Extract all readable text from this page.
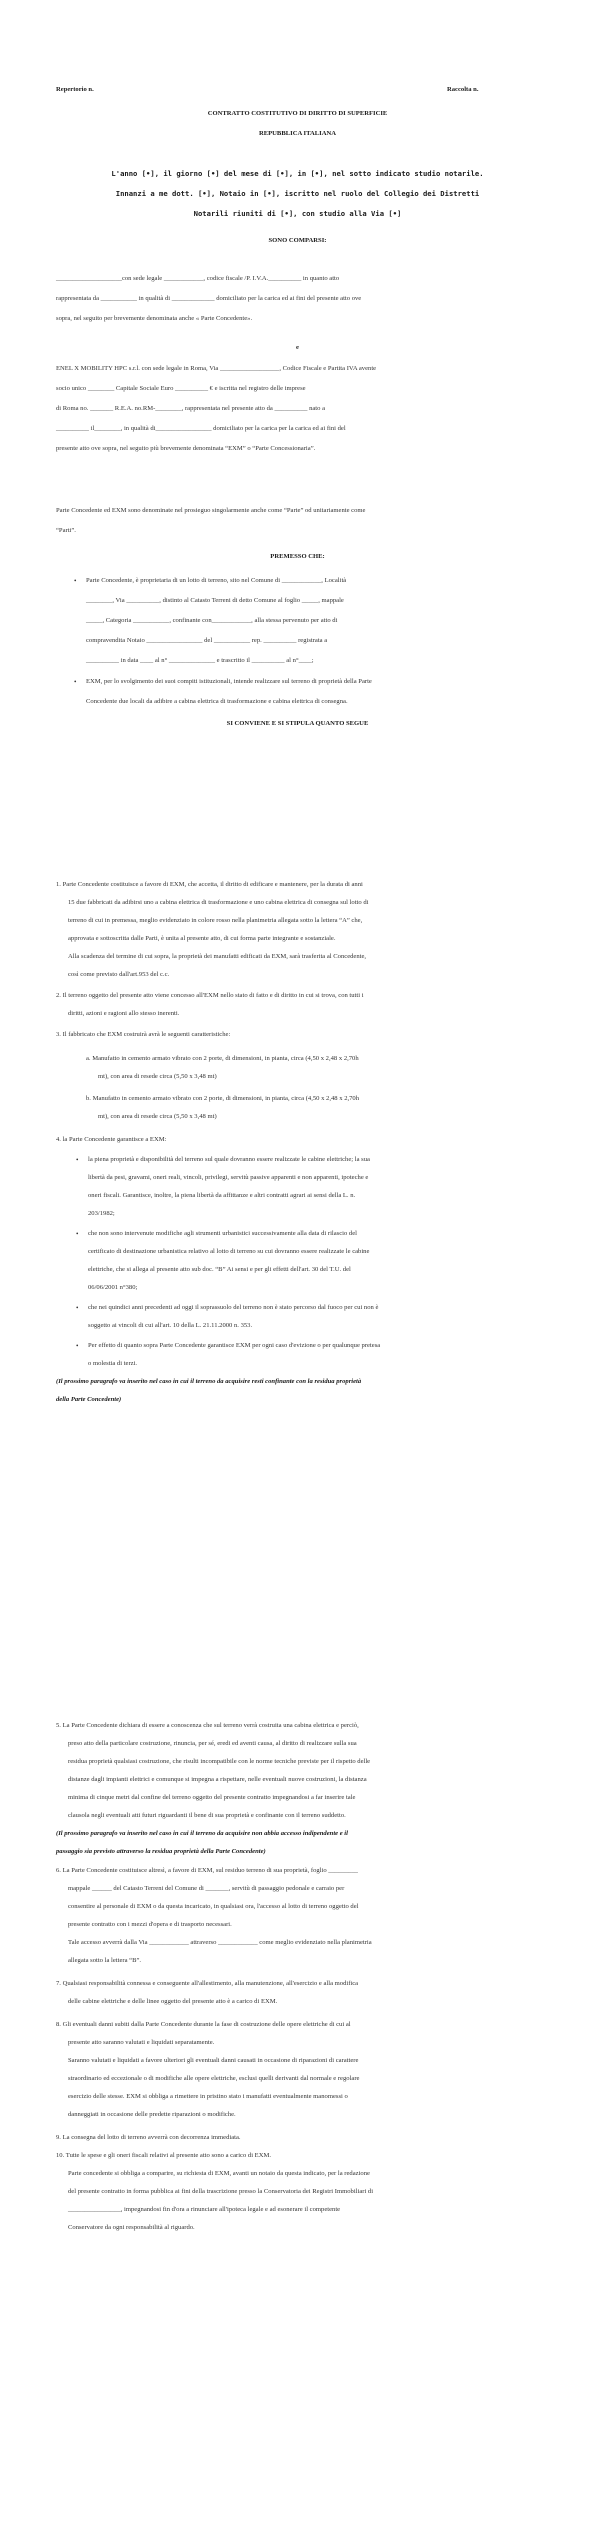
Repertorio n.	Raccolta n.
CONTRATTO COSTITUTIVO DI DIRITTO DI SUPERFICIE
REPUBBLICA ITALIANA
L'anno [•], il giorno [•] del mese di [•], in [•], nel sotto indicato studio notarile.
Innanzi a me dott. [•], Notaio in [•], iscritto nel ruolo del Collegio dei Distretti
Notarili riuniti di [•], con studio alla Via [•]
SONO COMPARSI:
____________________con sede legale ____________, codice fiscale /P. I.V.A.__________ in quanto atto
rappresentata da ___________ in qualità di _____________ domiciliato per la carica ed ai fini del presente atto ove
sopra, nel seguito per brevemente denominata anche « Parte Concedente».
e
ENEL X MOBILITY HPC s.r.l. con sede legale in Roma, Via __________________, Codice Fiscale e Partita IVA avente
socio unico ________ Capitale Sociale Euro __________ € e iscritta nel registro delle imprese
di Roma no. _______ R.E.A. no.RM-________, rappresentata nel presente atto da __________ nato a
__________ il________, in qualità di_________________ domiciliato per la carica per la carica ed ai fini del
presente atto ove sopra, nel seguito più brevemente denominata “EXM” o “Parte Concessionaria”.
Parte Concedente ed EXM sono denominate nel prosieguo singolarmente anche come “Parte” od unitariamente come
“Parti”.
PREMESSO CHE:
• Parte Concedente, è proprietaria di un lotto di terreno, sito nel Comune di ____________, Località
________, Via __________, distinto al Catasto Terreni di detto Comune al foglio _____, mappale
_____, Categoria ___________, confinante con____________, alla stessa pervenuto per atto di
compravendita Notaio _________________ del ___________ rep. __________ registrata a
__________ in data ____ al n° ______________ e trascritto il __________ al n°____;
• EXM, per lo svolgimento dei suoi compiti istituzionali, intende realizzare sul terreno di proprietà della Parte
Concedente due locali da adibire a cabina elettrica di trasformazione e cabina elettrica di consegna.
SI CONVIENE E SI STIPULA QUANTO SEGUE
1. Parte Concedente costituisce a favore di EXM, che accetta, il diritto di edificare e mantenere, per la durata di anni
15 due fabbricati da adibirsi uno a cabina elettrica di trasformazione e uno cabina elettrica di consegna sul lotto di
terreno di cui in premessa, meglio evidenziato in colore rosso nella planimetria allegata sotto la lettera “A” che,
approvata e sottoscritta dalle Parti, è unita al presente atto, di cui forma parte integrante e sostanziale.
Alla scadenza del termine di cui sopra, la proprietà dei manufatti edificati da EXM, sarà trasferita al Concedente,
così come previsto dall'art.953 del c.c.
2. Il terreno oggetto del presente atto viene concesso all'EXM nello stato di fatto e di diritto in cui si trova, con tutti i
diritti, azioni e ragioni allo stesso inerenti.
3. Il fabbricato che EXM costruirà avrà le seguenti caratteristiche:
a. Manufatto in cemento armato vibrato con 2 porte, di dimensioni, in pianta, circa (4,50 x 2,48 x 2,70h
mt), con area di resede circa (5,50 x 3,48 mt)
b. Manufatto in cemento armato vibrato con 2 porte, di dimensioni, in pianta, circa (4,50 x 2,48 x 2,70h
mt), con area di resede circa (5,50 x 3,48 mt)
4. la Parte Concedente garantisce a EXM:
• la piena proprietà e disponibilità del terreno sul quale dovranno essere realizzate le cabine elettriche; la sua
libertà da pesi, gravami, oneri reali, vincoli, privilegi, servitù passive apparenti e non apparenti, ipoteche e
oneri fiscali. Garantisce, inoltre, la piena libertà da affittanze e altri contratti agrari ai sensi della L. n.
203/1982;
• che non sono intervenute modifiche agli strumenti urbanistici successivamente alla data di rilascio del
certificato di destinazione urbanistica relativo al lotto di terreno su cui dovranno essere realizzate le cabine
elettriche, che si allega al presente atto sub doc. “B” Ai sensi e per gli effetti dell'art. 30 del T.U. del
06/06/2001 n°380;
• che nei quindici anni precedenti ad oggi il soprassuolo del terreno non è stato percorso dal fuoco per cui non è
soggetto ai vincoli di cui all'art. 10 della L. 21.11.2000 n. 353.
• Per effetto di quanto sopra Parte Concedente garantisce EXM per ogni caso d'evizione o per qualunque pretesa
o molestia di terzi.
(Il prossimo paragrafo va inserito nel caso in cui il terreno da acquisire resti confinante con la residua proprietà
della Parte Concedente)
5. La Parte Concedente dichiara di essere a conoscenza che sul terreno verrà costruita una cabina elettrica e perciò,
preso atto della particolare costruzione, rinuncia, per sé, eredi ed aventi causa, al diritto di realizzare sulla sua
residua proprietà qualsiasi costruzione, che risulti incompatibile con le norme tecniche previste per il rispetto delle
distanze dagli impianti elettrici e comunque si impegna a rispettare, nelle eventuali nuove costruzioni, la distanza
minima di cinque metri dal confine del terreno oggetto del presente contratto impegnandosi a far inserire tale
clausola negli eventuali atti futuri riguardanti il bene di sua proprietà e confinante con il terreno suddetto.
(Il prossimo paragrafo va inserito nel caso in cui il terreno da acquisire non abbia accesso indipendente e il
passaggio sia previsto attraverso la residua proprietà della Parte Concedente)
6. La Parte Concedente costituisce altresì, a favore di EXM, sul residuo terreno di sua proprietà, foglio _________
mappale ______ del Catasto Terreni del Comune di _______, servitù di passaggio pedonale e carraio per
consentire al personale di EXM o da questa incaricato, in qualsiasi ora, l'accesso al lotto di terreno oggetto del
presente contratto con i mezzi d'opera e di trasporto necessari.
Tale accesso avverrà dalla Via ____________ attraverso ____________ come meglio evidenziato nella planimetria
allegata sotto la lettera “B”.
7. Qualsiasi responsabilità connessa e conseguente all'allestimento, alla manutenzione, all'esercizio e alla modifica
delle cabine elettriche e delle linee oggetto del presente atto è a carico di EXM.
8. Gli eventuali danni subiti dalla Parte Concedente durante la fase di costruzione delle opere elettriche di cui al
presente atto saranno valutati e liquidati separatamente.
Saranno valutati e liquidati a favore ulteriori gli eventuali danni causati in occasione di riparazioni di carattere
straordinario ed eccezionale o di modifiche alle opere elettriche, esclusi quelli derivanti dal normale e regolare
esercizio delle stesse. EXM si obbliga a rimettere in pristino stato i manufatti eventualmente manomessi o
danneggiati in occasione delle predette riparazioni o modifiche.
9. La consegna del lotto di terreno avverrà con decorrenza immediata.
10. Tutte le spese e gli oneri fiscali relativi al presente atto sono a carico di EXM.
Parte concedente si obbliga a comparire, su richiesta di EXM, avanti un notaio da questa indicato, per la redazione
del presente contratto in forma pubblica ai fini della trascrizione presso la Conservatoria dei Registri Immobiliari di
________________, impegnandosi fin d'ora a rinunciare all'ipoteca legale e ad esonerare il competente
Conservatore da ogni responsabilità al riguardo.
